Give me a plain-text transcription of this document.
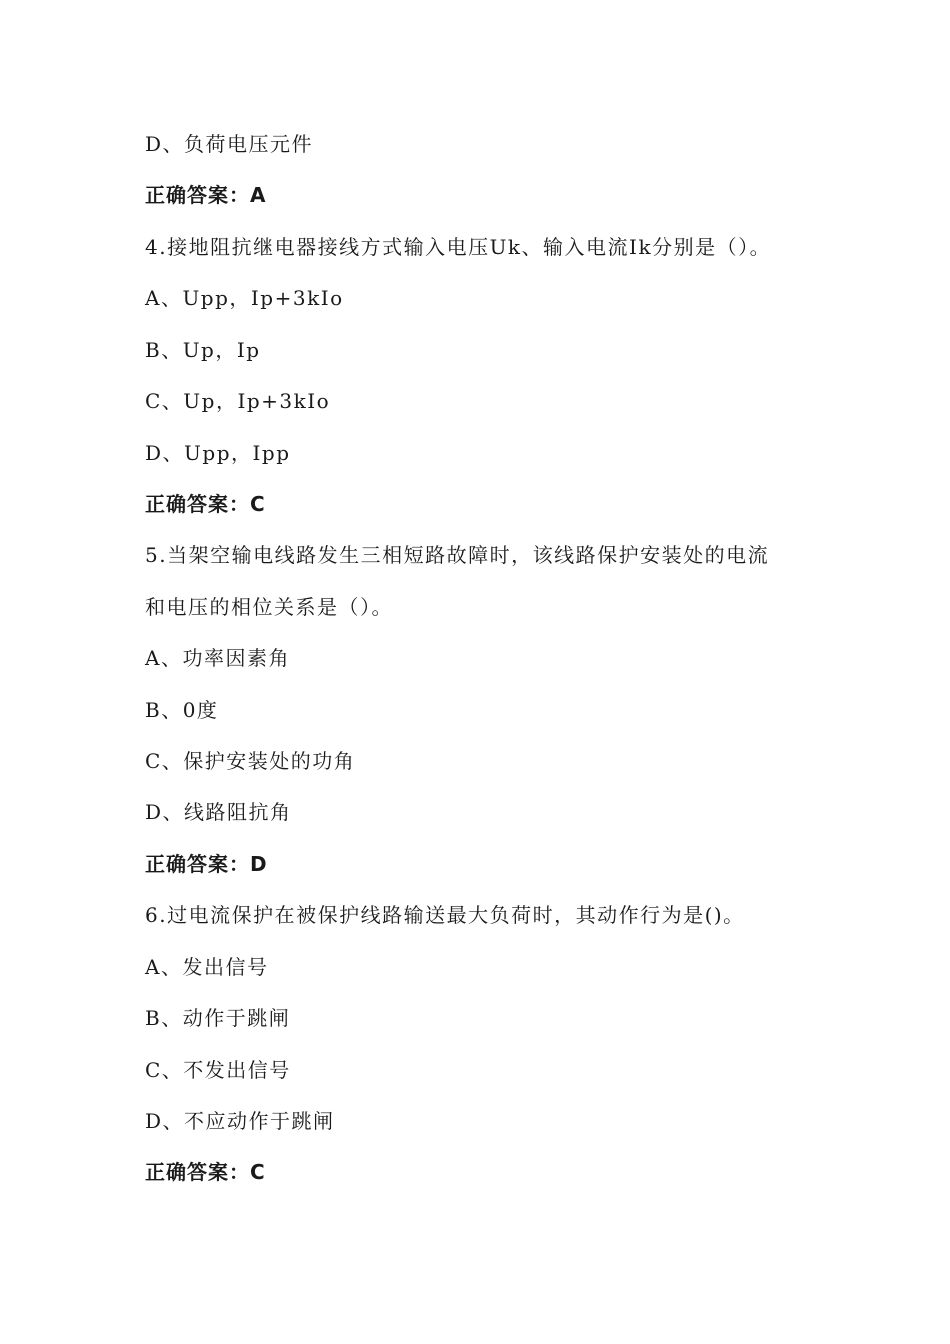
D、负荷电压元件
正确答案：A
4.接地阻抗继电器接线方式输入电压Uk、输入电流Ik分别是（）。
A、Upp，Ip+3kIo
B、Up，Ip
C、Up，Ip+3kIo
D、Upp，Ipp
正确答案：C
5.当架空输电线路发生三相短路故障时，该线路保护安装处的电流
和电压的相位关系是（）。
A、功率因素角
B、0度
C、保护安装处的功角
D、线路阻抗角
正确答案：D
6.过电流保护在被保护线路输送最大负荷时，其动作行为是()。
A、发出信号
B、动作于跳闸
C、不发出信号
D、不应动作于跳闸
正确答案：C
